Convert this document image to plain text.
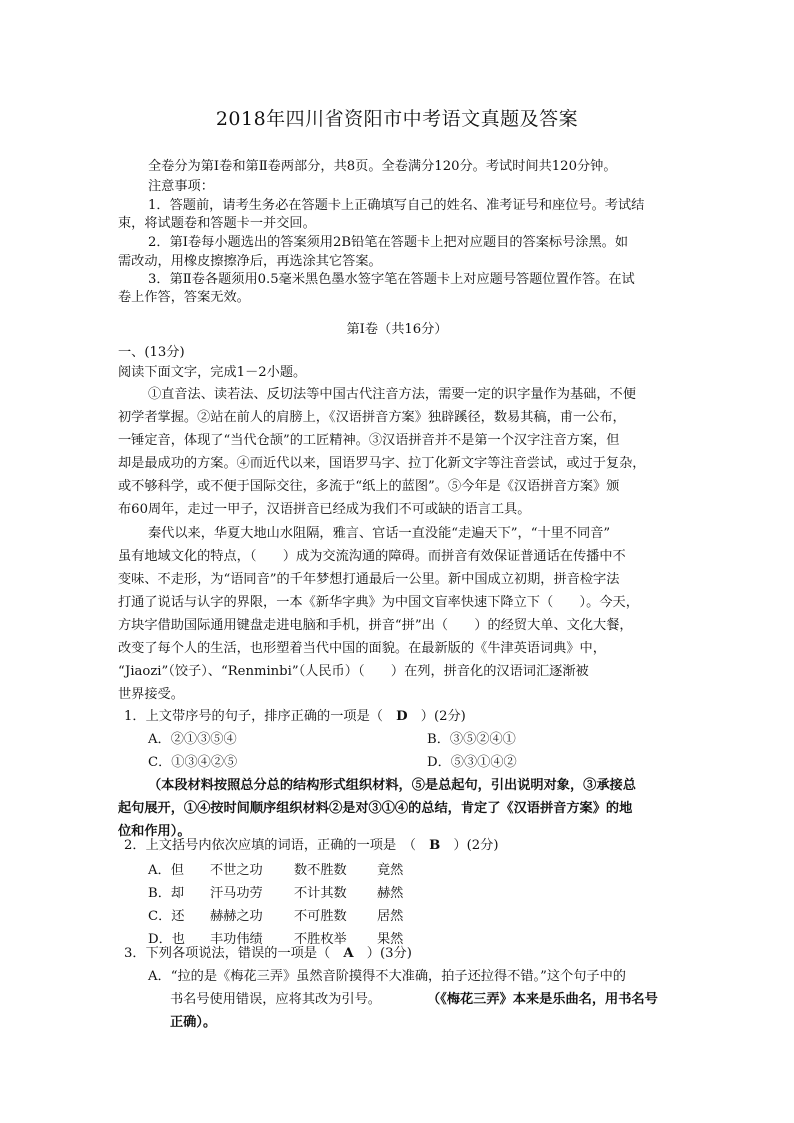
2018年四川省资阳市中考语文真题及答案
全卷分为第Ⅰ卷和第Ⅱ卷两部分，共8页。全卷满分120分。考试时间共120分钟。
注意事项：
1．答题前，请考生务必在答题卡上正确填写自己的姓名、准考证号和座位号。考试结
束，将试题卷和答题卡一并交回。
2．第Ⅰ卷每小题选出的答案须用2B铅笔在答题卡上把对应题目的答案标号涂黑。如
需改动，用橡皮擦擦净后，再选涂其它答案。
3．第Ⅱ卷各题须用0.5毫米黑色墨水签字笔在答题卡上对应题号答题位置作答。在试
卷上作答，答案无效。
第Ⅰ卷（共16分）
一、(13分)
阅读下面文字，完成1－2小题。
①直音法、读若法、反切法等中国古代注音方法，需要一定的识字量作为基础，不便
初学者掌握。②站在前人的肩膀上，《汉语拼音方案》独辟蹊径，数易其稿，甫一公布，
一锤定音，体现了“当代仓颉”的工匠精神。③汉语拼音并不是第一个汉字注音方案，但
却是最成功的方案。④而近代以来，国语罗马字、拉丁化新文字等注音尝试，或过于复杂，
或不够科学，或不便于国际交往，多流于“纸上的蓝图”。⑤今年是《汉语拼音方案》颁
布60周年，走过一甲子，汉语拼音已经成为我们不可或缺的语言工具。
秦代以来，华夏大地山水阻隔，雅言、官话一直没能“走遍天下”，“十里不同音”
虽有地域文化的特点，（　　）成为交流沟通的障碍。而拼音有效保证普通话在传播中不
变味、不走形，为“语同音”的千年梦想打通最后一公里。新中国成立初期，拼音检字法
打通了说话与认字的界限，一本《新华字典》为中国文盲率快速下降立下（　　）。今天，
方块字借助国际通用键盘走进电脑和手机，拼音“拼”出（　　）的经贸大单、文化大餐，
改变了每个人的生活，也形塑着当代中国的面貌。在最新版的《牛津英语词典》中，
“Jiaozi”（饺子）、“Renminbi”（人民币）（　　）在列，拼音化的汉语词汇逐渐被
世界接受。
1．上文带序号的句子，排序正确的一项是（　D　）(2分)
A．②①③⑤④	B．③⑤②④①
C．①③④②⑤	D．⑤③①④②
（本段材料按照总分总的结构形式组织材料，⑤是总起句，引出说明对象，③承接总
起句展开，①④按时间顺序组织材料②是对③①④的总结，肯定了《汉语拼音方案》的地
位和作用）。
2．上文括号内依次应填的词语，正确的一项是　（　B　）(2分)
A．但 不世之功 数不胜数 竟然
B．却 汗马功劳 不计其数 赫然
C．还 赫赫之功 不可胜数 居然
D．也 丰功伟绩 不胜枚举 果然
3．下列各项说法，错误的一项是（　A　）(3分)
A．“拉的是《梅花三弄》虽然音阶摸得不大准确，拍子还拉得不错。”这个句子中的
书名号使用错误，应将其改为引号。	（《梅花三弄》本来是乐曲名，用书名号
正确）。
